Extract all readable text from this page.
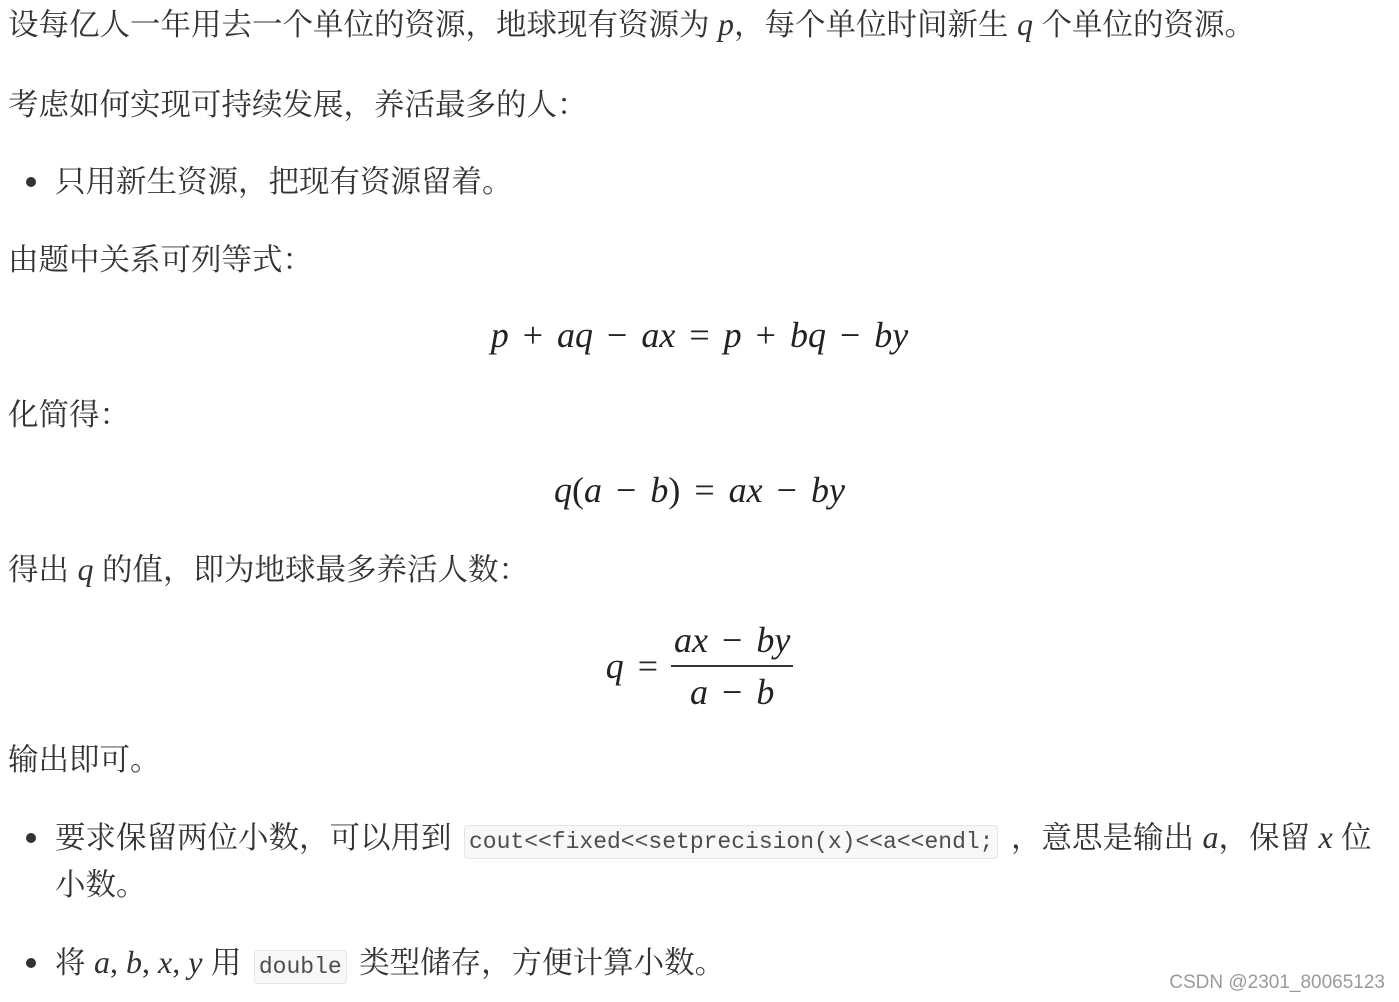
设每亿人一年用去一个单位的资源，地球现有资源为 p，每个单位时间新生 q 个单位的资源。
考虑如何实现可持续发展，养活最多的人：
只用新生资源，把现有资源留着。
由题中关系可列等式：
p + aq − ax = p + bq − by
化简得：
q(a − b) = ax − by
得出 q 的值，即为地球最多养活人数：
$q = \frac{ax - by}{a - b}$
输出即可。
要求保留两位小数，可以用到 cout<<fixed<<setprecision(x)<<a<<endl; ，意思是输出 a，保留 x 位小数。
将 a, b, x, y 用 double 类型储存，方便计算小数。
CSDN @2301_80065123
